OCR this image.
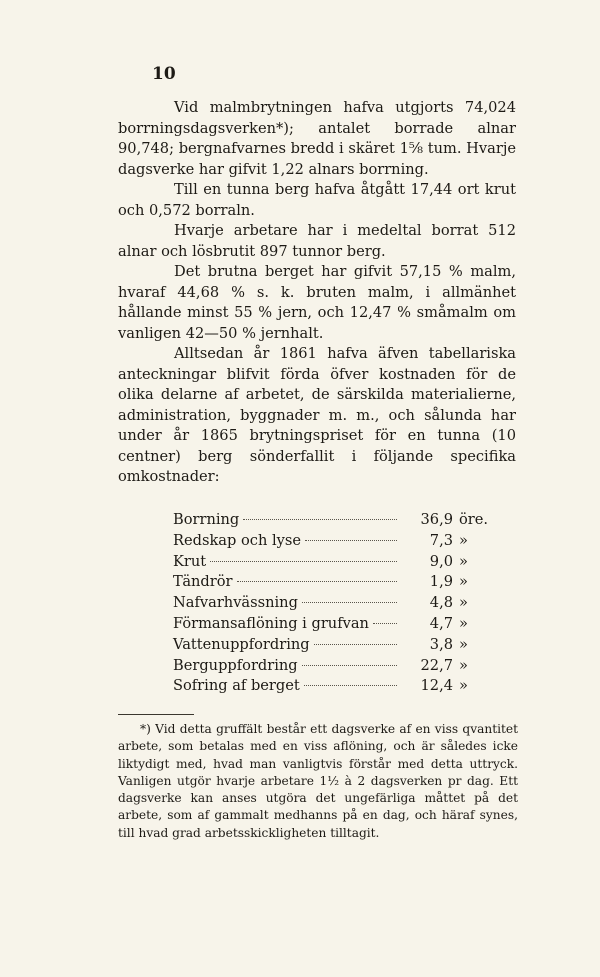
10

Vid malmbrytningen hafva utgjorts 74,024 borrningsdagsverken*); antalet borrade alnar 90,748; bergnafvarnes bredd i skäret 1⅝ tum. Hvarje dagsverke har gifvit 1,22 alnars borrning.

Till en tunna berg hafva åtgått 17,44 ort krut och 0,572 borraln.

Hvarje arbetare har i medeltal borrat 512 alnar och lösbrutit 897 tunnor berg.

Det brutna berget har gifvit 57,15 % malm, hvaraf 44,68 % s. k. bruten malm, i allmänhet hållande minst 55 % jern, och 12,47 % småmalm om vanligen 42—50 % jernhalt.

Alltsedan år 1861 hafva äfven tabellariska anteckningar blifvit förda öfver kostnaden för de olika delarne af arbetet, de särskilda materialierne, administration, byggnader m. m., och sålunda har under år 1865 brytningspriset för en tunna (10 centner) berg sönderfallit i följande specifika omkostnader:

Borrning	36,9 öre.
Redskap och lyse	7,3 »
Krut	9,0 »
Tändrör	1,9 »
Nafvarhvässning	4,8 »
Förmansaflöning i grufvan	4,7 »
Vattenuppfordring	3,8 »
Berguppfordring	22,7 »
Sofring af berget	12,4 »

*) Vid detta gruffält består ett dagsverke af en viss qvantitet arbete, som betalas med en viss aflöning, och är således icke liktydigt med, hvad man vanligtvis förstår med detta uttryck. Vanligen utgör hvarje arbetare 1½ à 2 dagsverken pr dag. Ett dagsverke kan anses utgöra det ungefärliga måttet på det arbete, som af gammalt medhanns på en dag, och häraf synes, till hvad grad arbetsskickligheten tilltagit.
